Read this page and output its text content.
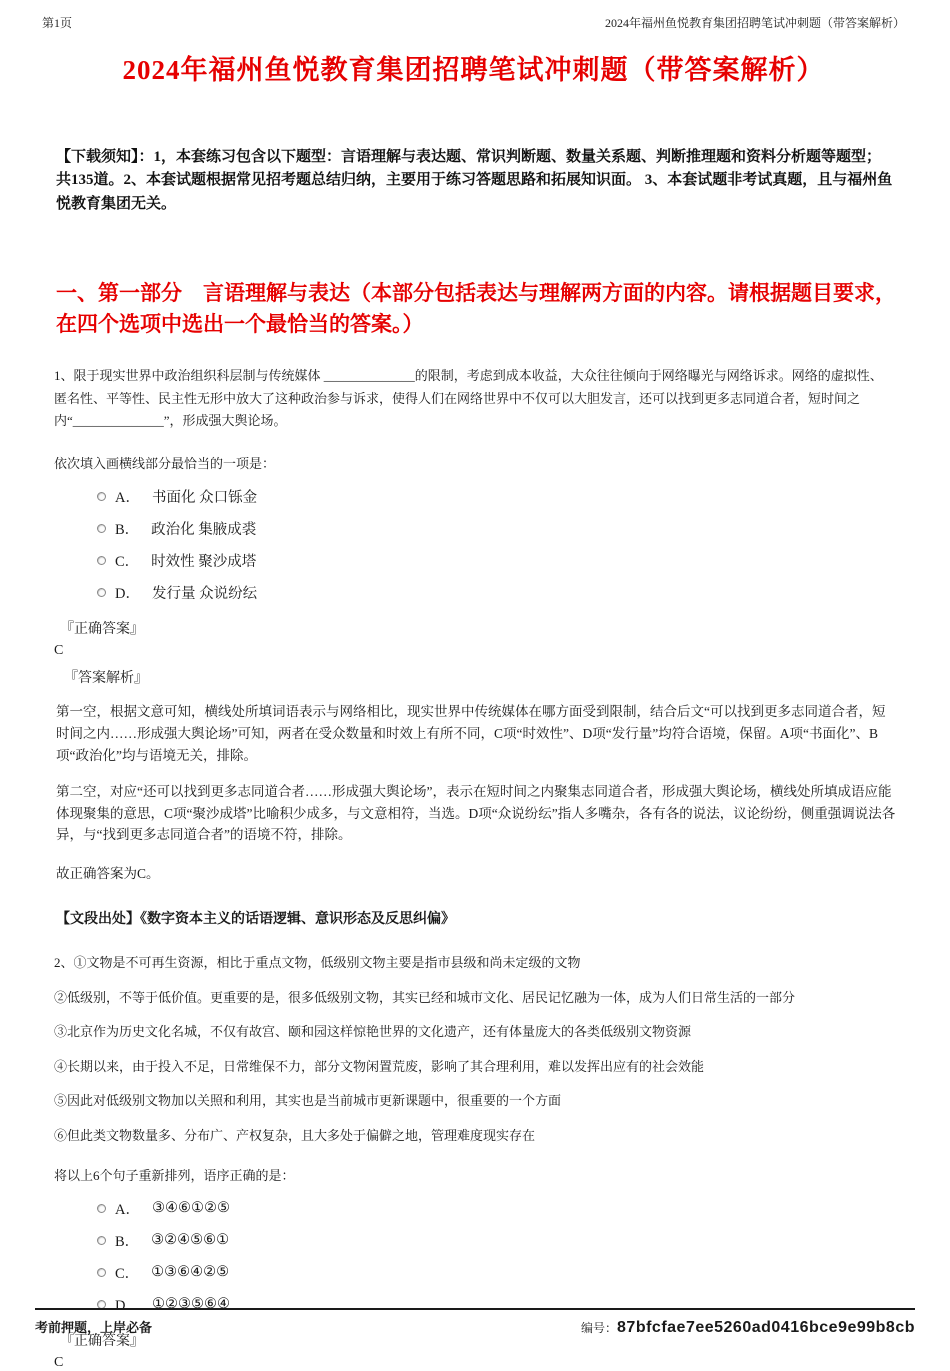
第1页	2024年福州鱼悦教育集团招聘笔试冲刺题（带答案解析）
2024年福州鱼悦教育集团招聘笔试冲刺题（带答案解析）

【下载须知】：1，本套练习包含以下题型：言语理解与表达题、常识判断题、数量关系题、判断推理题和资料分析题等题型；共135道。2、本套试题根据常见招考题总结归纳，主要用于练习答题思路和拓展知识面。 3、本套试题非考试真题，且与福州鱼悦教育集团无关。

一、第一部分　言语理解与表达（本部分包括表达与理解两方面的内容。请根据题目要求，在四个选项中选出一个最恰当的答案。）

1、限于现实世界中政治组织科层制与传统媒体 ______________的限制，考虑到成本收益，大众往往倾向于网络曝光与网络诉求。网络的虚拟性、匿名性、平等性、民主性无形中放大了这种政治参与诉求，使得人们在网络世界中不仅可以大胆发言，还可以找到更多志同道合者，短时间之内“______________”，形成强大舆论场。

依次填入画横线部分最恰当的一项是：

A． 书面化 众口铄金
B． 政治化 集腋成裘
C． 时效性 聚沙成塔
D． 发行量 众说纷纭

『正确答案』

C

『答案解析』

第一空，根据文意可知，横线处所填词语表示与网络相比，现实世界中传统媒体在哪方面受到限制，结合后文“可以找到更多志同道合者，短时间之内……形成强大舆论场”可知，两者在受众数量和时效上有所不同，C项“时效性”、D项“发行量”均符合语境，保留。A项“书面化”、B项“政治化”均与语境无关，排除。

第二空，对应“还可以找到更多志同道合者……形成强大舆论场”，表示在短时间之内聚集志同道合者，形成强大舆论场，横线处所填成语应能体现聚集的意思，C项“聚沙成塔”比喻积少成多，与文意相符，当选。D项“众说纷纭”指人多嘴杂，各有各的说法，议论纷纷，侧重强调说法各异，与“找到更多志同道合者”的语境不符，排除。

故正确答案为C。

【文段出处】《数字资本主义的话语逻辑、意识形态及反思纠偏》

2、①文物是不可再生资源，相比于重点文物，低级别文物主要是指市县级和尚未定级的文物

②低级别，不等于低价值。更重要的是，很多低级别文物，其实已经和城市文化、居民记忆融为一体，成为人们日常生活的一部分

③北京作为历史文化名城，不仅有故宫、颐和园这样惊艳世界的文化遗产，还有体量庞大的各类低级别文物资源

④长期以来，由于投入不足，日常维保不力，部分文物闲置荒废，影响了其合理利用，难以发挥出应有的社会效能

⑤因此对低级别文物加以关照和利用，其实也是当前城市更新课题中，很重要的一个方面

⑥但此类文物数量多、分布广、产权复杂，且大多处于偏僻之地，管理难度现实存在

将以上6个句子重新排列，语序正确的是：

A． ③④⑥①②⑤
B． ③②④⑤⑥①
C． ①③⑥④②⑤
D． ①②③⑤⑥④

『正确答案』

C

考前押题，上岸必备	编号： 87bfcfae7ee5260ad0416bce9e99b8cb
